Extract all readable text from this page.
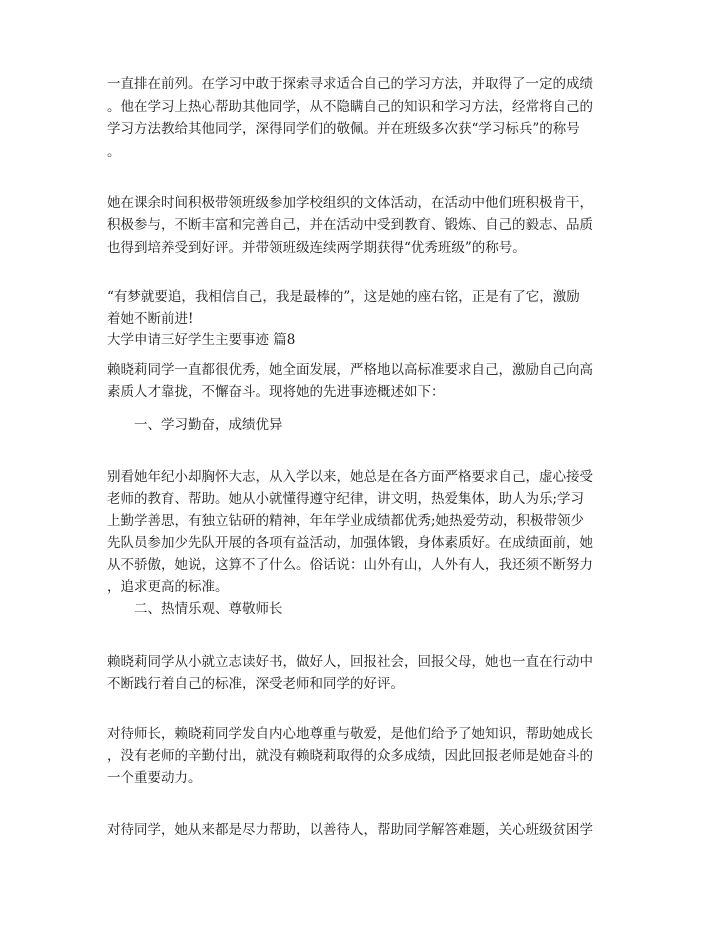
一直排在前列。在学习中敢于探索寻求适合自己的学习方法，并取得了一定的成绩
。他在学习上热心帮助其他同学，从不隐瞒自己的知识和学习方法，经常将自己的
学习方法教给其他同学，深得同学们的敬佩。并在班级多次获“学习标兵”的称号
。
她在课余时间积极带领班级参加学校组织的文体活动，在活动中他们班积极肯干，
积极参与，不断丰富和完善自己，并在活动中受到教育、锻炼、自己的毅志、品质
也得到培养受到好评。并带领班级连续两学期获得“优秀班级”的称号。
“有梦就要追，我相信自己，我是最棒的”，这是她的座右铭，正是有了它，激励
着她不断前进!
大学申请三好学生主要事迹 篇8
赖晓莉同学一直都很优秀，她全面发展，严格地以高标准要求自己，激励自己向高
素质人才靠拢，不懈奋斗。现将她的先进事迹概述如下：
一、学习勤奋，成绩优异
别看她年纪小却胸怀大志，从入学以来，她总是在各方面严格要求自己，虚心接受
老师的教育、帮助。她从小就懂得遵守纪律，讲文明，热爱集体，助人为乐;学习
上勤学善思，有独立钻研的精神，年年学业成绩都优秀;她热爱劳动，积极带领少
先队员参加少先队开展的各项有益活动，加强体锻，身体素质好。在成绩面前，她
从不骄傲，她说，这算不了什么。俗话说：山外有山，人外有人，我还须不断努力
，追求更高的标准。
二、热情乐观、尊敬师长
赖晓莉同学从小就立志读好书，做好人，回报社会，回报父母，她也一直在行动中
不断践行着自己的标准，深受老师和同学的好评。
对待师长，赖晓莉同学发自内心地尊重与敬爱，是他们给予了她知识，帮助她成长
，没有老师的辛勤付出，就没有赖晓莉取得的众多成绩，因此回报老师是她奋斗的
一个重要动力。
对待同学，她从来都是尽力帮助，以善待人，帮助同学解答难题，关心班级贫困学
